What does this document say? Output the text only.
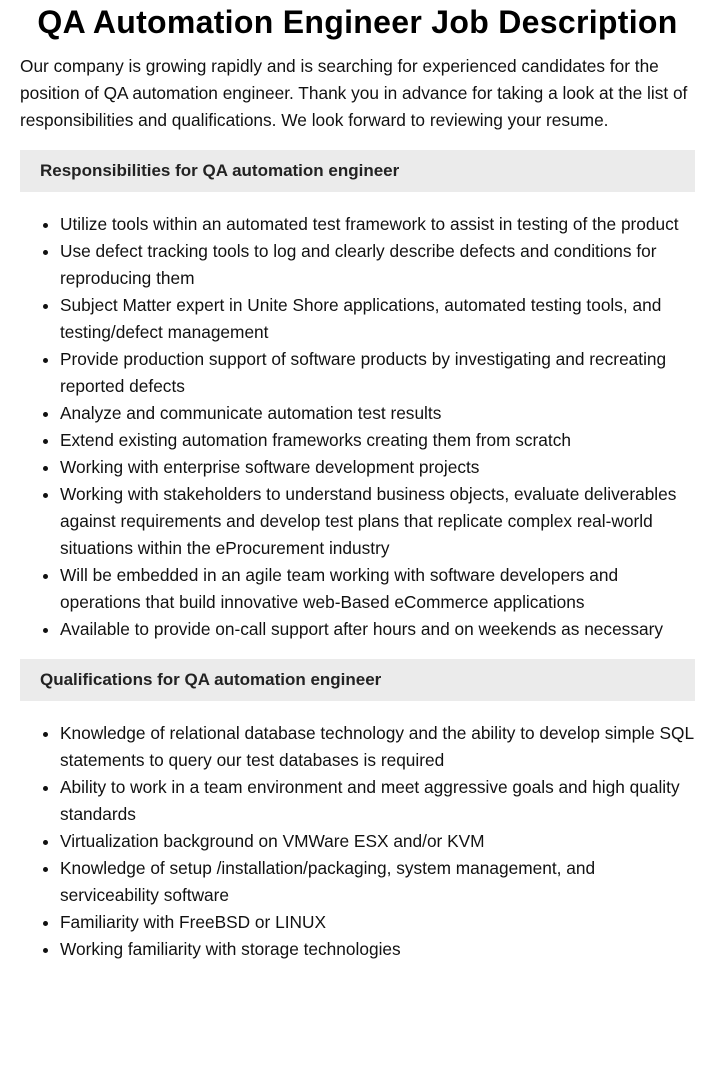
QA Automation Engineer Job Description

Our company is growing rapidly and is searching for experienced candidates for the position of QA automation engineer. Thank you in advance for taking a look at the list of responsibilities and qualifications. We look forward to reviewing your resume.

Responsibilities for QA automation engineer
• Utilize tools within an automated test framework to assist in testing of the product
• Use defect tracking tools to log and clearly describe defects and conditions for reproducing them
• Subject Matter expert in Unite Shore applications, automated testing tools, and testing/defect management
• Provide production support of software products by investigating and recreating reported defects
• Analyze and communicate automation test results
• Extend existing automation frameworks creating them from scratch
• Working with enterprise software development projects
• Working with stakeholders to understand business objects, evaluate deliverables against requirements and develop test plans that replicate complex real-world situations within the eProcurement industry
• Will be embedded in an agile team working with software developers and operations that build innovative web-Based eCommerce applications
• Available to provide on-call support after hours and on weekends as necessary
Qualifications for QA automation engineer
• Knowledge of relational database technology and the ability to develop simple SQL statements to query our test databases is required
• Ability to work in a team environment and meet aggressive goals and high quality standards
• Virtualization background on VMWare ESX and/or KVM
• Knowledge of setup /installation/packaging, system management, and serviceability software
• Familiarity with FreeBSD or LINUX
• Working familiarity with storage technologies
